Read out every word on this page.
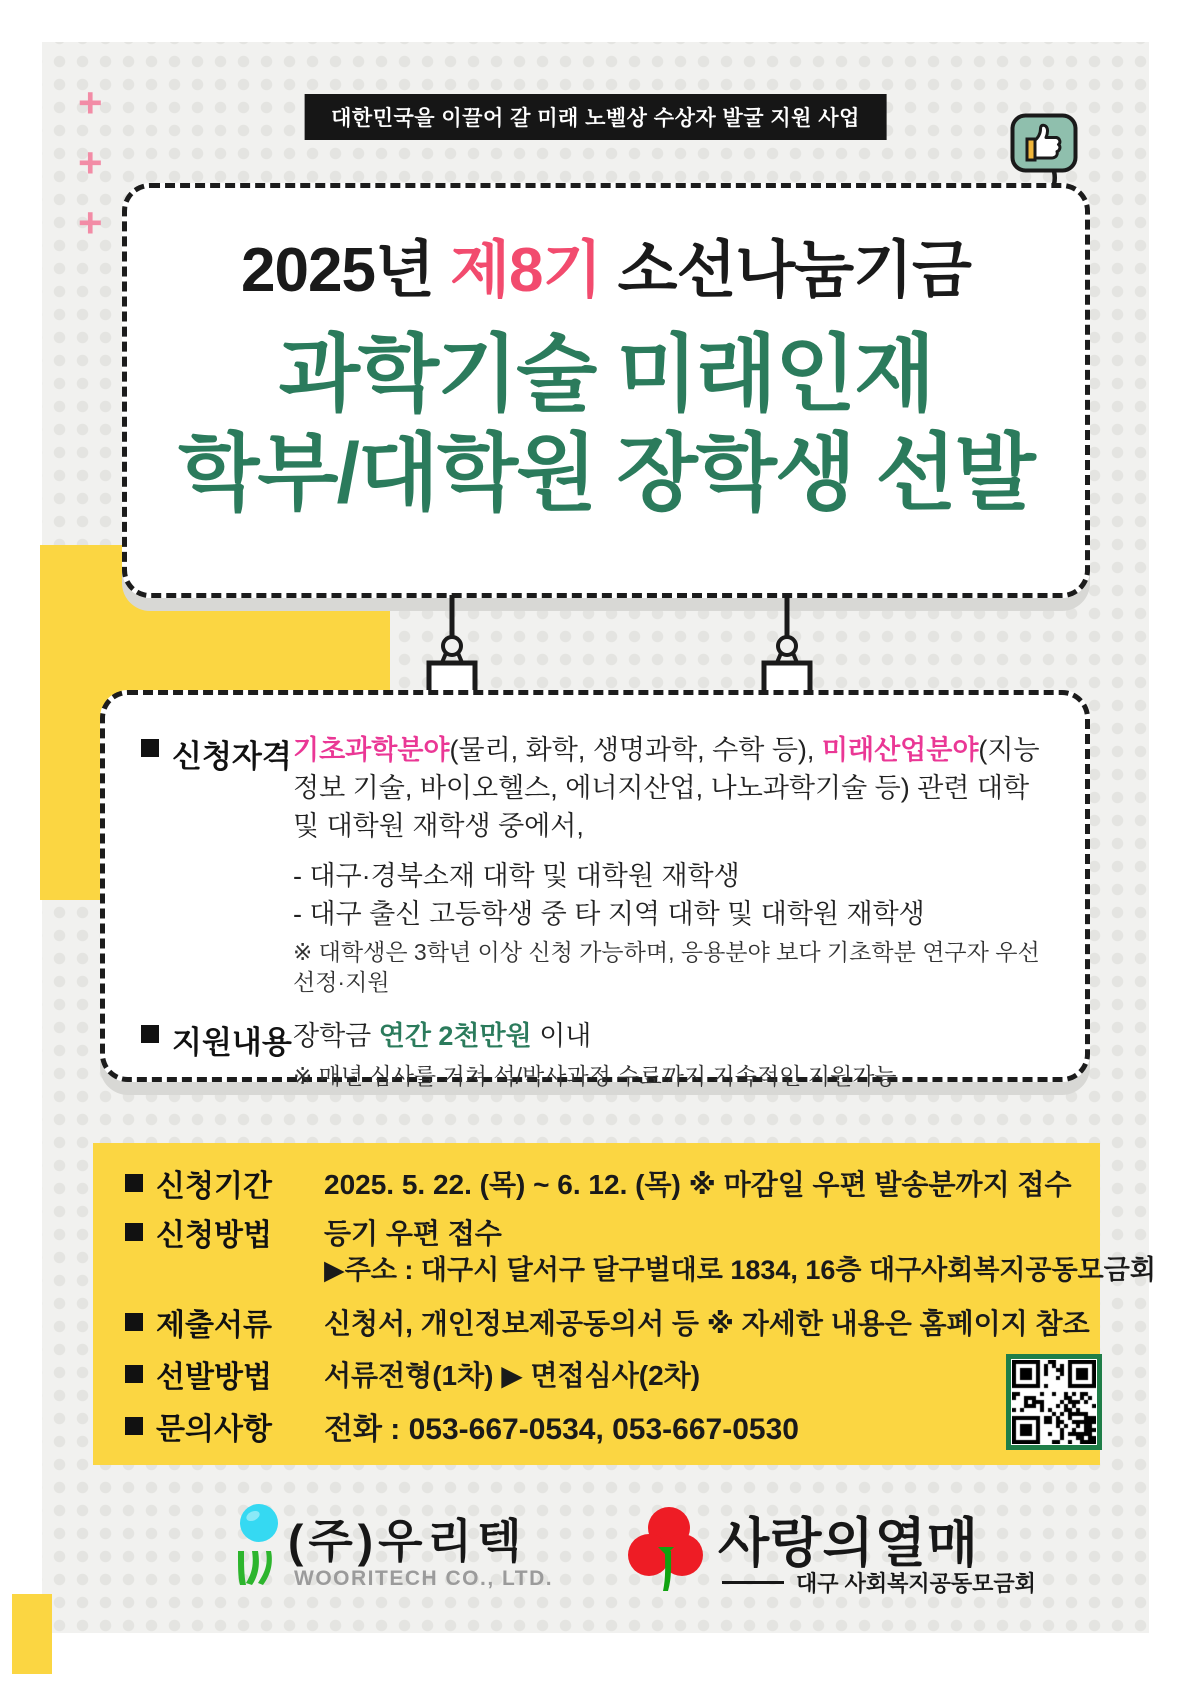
+
+
+
대한민국을 이끌어 갈 미래 노벨상 수상자 발굴 지원 사업
2025년 제8기 소선나눔기금
과학기술 미래인재
학부/대학원 장학생 선발
신청자격 기초과학분야(물리, 화학, 생명과학, 수학 등), 미래산업분야(지능정보 기술, 바이오헬스, 에너지산업, 나노과학기술 등) 관련 대학 및 대학원 재학생 중에서,
- 대구·경북소재 대학 및 대학원 재학생
- 대구 출신 고등학생 중 타 지역 대학 및 대학원 재학생
※ 대학생은 3학년 이상 신청 가능하며, 응용분야 보다 기초학분 연구자 우선 선정·지원
지원내용 장학금 연간 2천만원 이내
※ 매년 심사를 거쳐 석/박사과정 수료까지 지속적인 지원가능
신청기간	2025. 5. 22. (목) ~ 6. 12. (목) ※ 마감일 우편 발송분까지 접수
신청방법	등기 우편 접수
▶주소 : 대구시 달서구 달구벌대로 1834, 16층 대구사회복지공동모금회
제출서류	신청서, 개인정보제공동의서 등 ※ 자세한 내용은 홈페이지 참조
선발방법	서류전형(1차) ▶ 면접심사(2차)
문의사항	전화 : 053-667-0534, 053-667-0530
(주)우리텍
WOORITECH CO., LTD.
사랑의열매
대구 사회복지공동모금회
